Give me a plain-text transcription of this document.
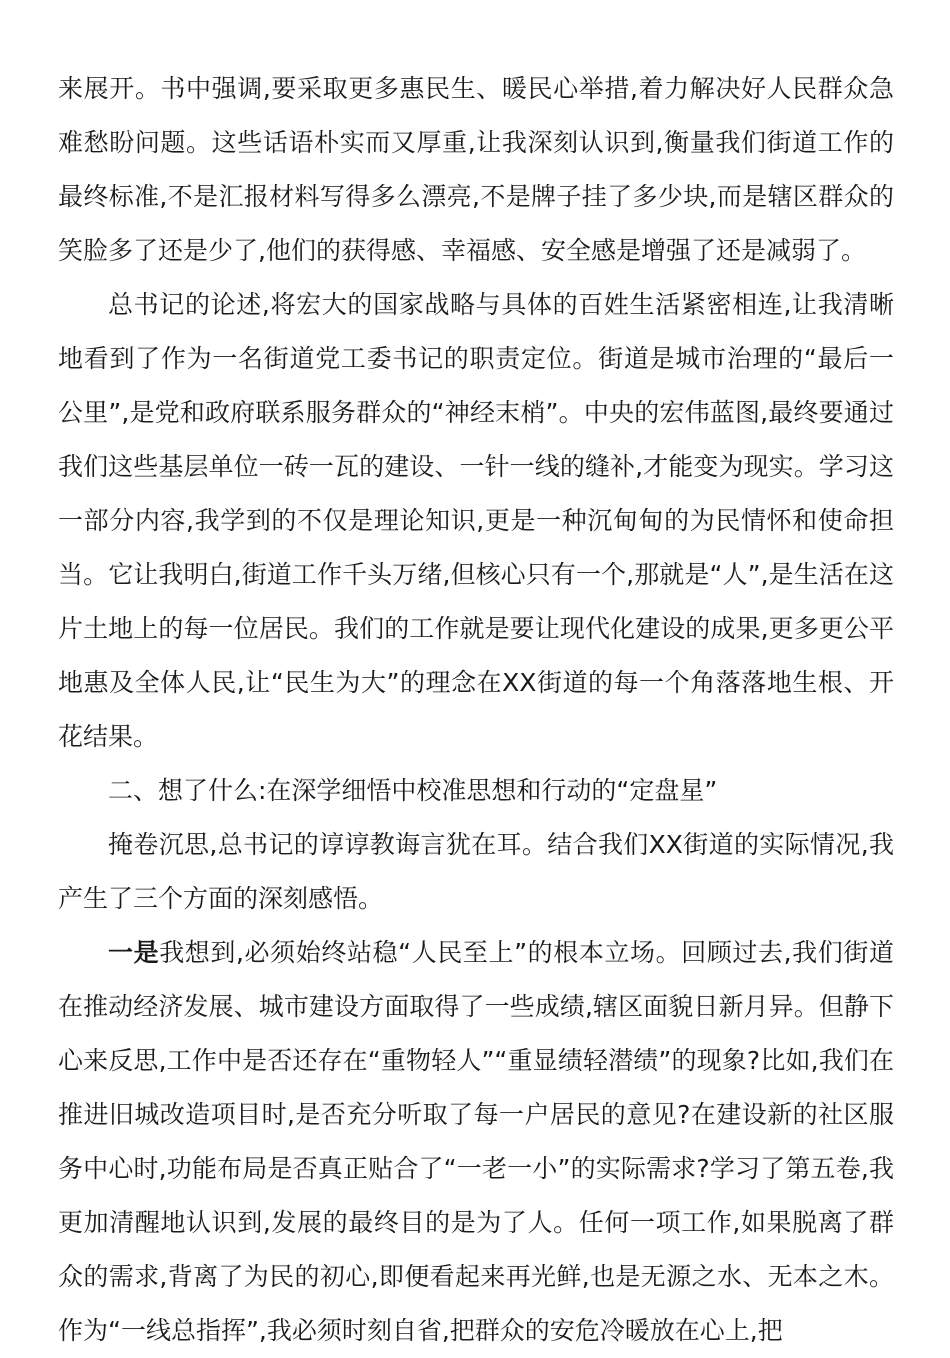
来展开。书中强调,要采取更多惠民生、暖民心举措,着力解决好人民群众急难愁盼问题。这些话语朴实而又厚重,让我深刻认识到,衡量我们街道工作的最终标准,不是汇报材料写得多么漂亮,不是牌子挂了多少块,而是辖区群众的笑脸多了还是少了,他们的获得感、幸福感、安全感是增强了还是减弱了。

总书记的论述,将宏大的国家战略与具体的百姓生活紧密相连,让我清晰地看到了作为一名街道党工委书记的职责定位。街道是城市治理的“最后一公里”,是党和政府联系服务群众的“神经末梢”。中央的宏伟蓝图,最终要通过我们这些基层单位一砖一瓦的建设、一针一线的缝补,才能变为现实。学习这一部分内容,我学到的不仅是理论知识,更是一种沉甸甸的为民情怀和使命担当。它让我明白,街道工作千头万绪,但核心只有一个,那就是“人”,是生活在这片土地上的每一位居民。我们的工作就是要让现代化建设的成果,更多更公平地惠及全体人民,让“民生为大”的理念在XX街道的每一个角落落地生根、开花结果。

二、想了什么:在深学细悟中校准思想和行动的“定盘星”

掩卷沉思,总书记的谆谆教诲言犹在耳。结合我们XX街道的实际情况,我产生了三个方面的深刻感悟。

一是我想到,必须始终站稳“人民至上”的根本立场。回顾过去,我们街道在推动经济发展、城市建设方面取得了一些成绩,辖区面貌日新月异。但静下心来反思,工作中是否还存在“重物轻人”“重显绩轻潜绩”的现象?比如,我们在推进旧城改造项目时,是否充分听取了每一户居民的意见?在建设新的社区服务中心时,功能布局是否真正贴合了“一老一小”的实际需求?学习了第五卷,我更加清醒地认识到,发展的最终目的是为了人。任何一项工作,如果脱离了群众的需求,背离了为民的初心,即便看起来再光鲜,也是无源之水、无本之木。作为“一线总指挥”,我必须时刻自省,把群众的安危冷暖放在心上,把
